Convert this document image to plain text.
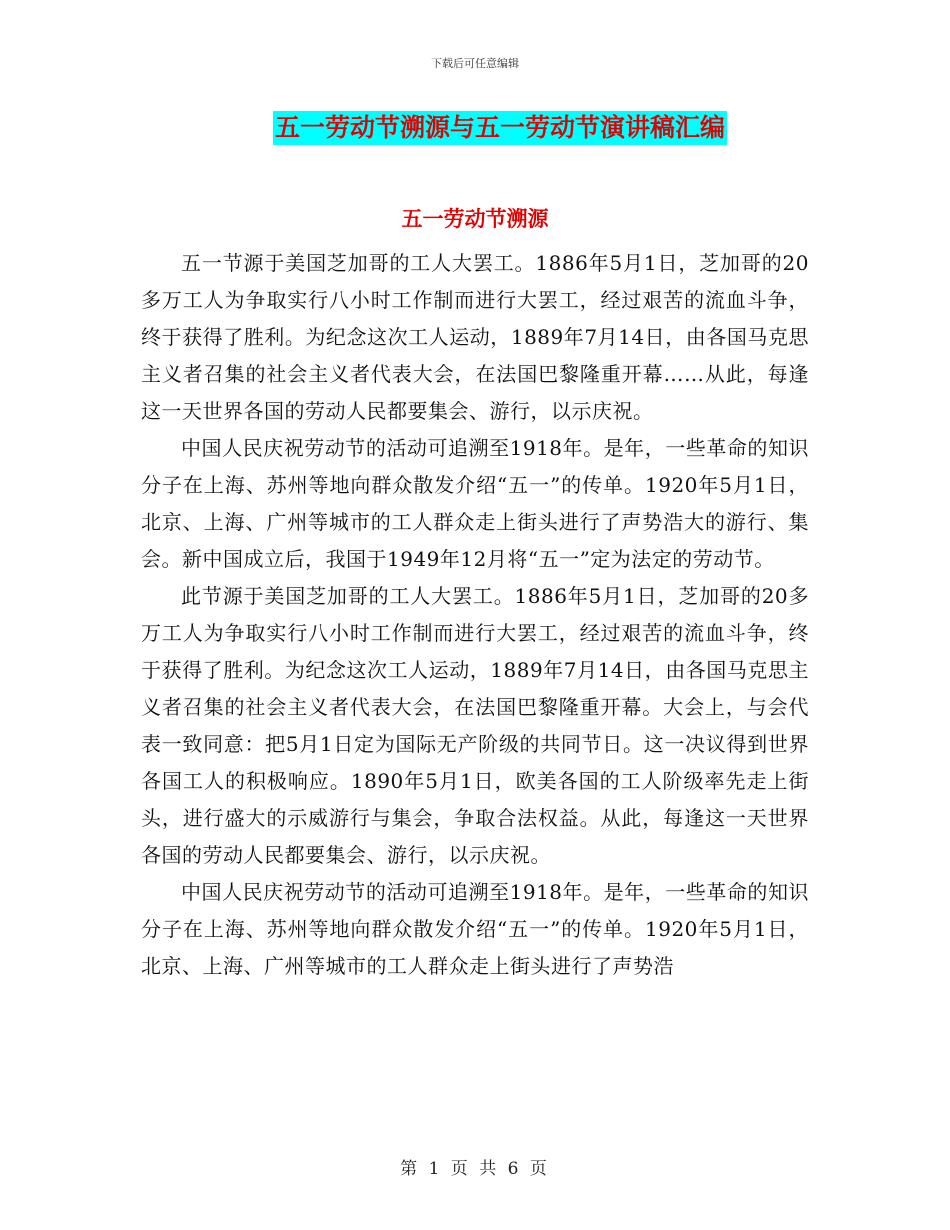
下载后可任意编辑
五一劳动节溯源与五一劳动节演讲稿汇编
五一劳动节溯源

五一节源于美国芝加哥的工人大罢工。1886年5月1日，芝加哥的20多万工人为争取实行八小时工作制而进行大罢工，经过艰苦的流血斗争，终于获得了胜利。为纪念这次工人运动，1889年7月14日，由各国马克思主义者召集的社会主义者代表大会，在法国巴黎隆重开幕……从此，每逢这一天世界各国的劳动人民都要集会、游行，以示庆祝。

中国人民庆祝劳动节的活动可追溯至1918年。是年，一些革命的知识分子在上海、苏州等地向群众散发介绍“五一”的传单。1920年5月1日，北京、上海、广州等城市的工人群众走上街头进行了声势浩大的游行、集会。新中国成立后，我国于1949年12月将“五一”定为法定的劳动节。

此节源于美国芝加哥的工人大罢工。1886年5月1日，芝加哥的20多万工人为争取实行八小时工作制而进行大罢工，经过艰苦的流血斗争，终于获得了胜利。为纪念这次工人运动，1889年7月14日，由各国马克思主义者召集的社会主义者代表大会，在法国巴黎隆重开幕。大会上，与会代表一致同意：把5月1日定为国际无产阶级的共同节日。这一决议得到世界各国工人的积极响应。1890年5月1日，欧美各国的工人阶级率先走上街头，进行盛大的示威游行与集会，争取合法权益。从此，每逢这一天世界各国的劳动人民都要集会、游行，以示庆祝。

中国人民庆祝劳动节的活动可追溯至1918年。是年，一些革命的知识分子在上海、苏州等地向群众散发介绍“五一”的传单。1920年5月1日，北京、上海、广州等城市的工人群众走上街头进行了声势浩

第 1 页 共 6 页
